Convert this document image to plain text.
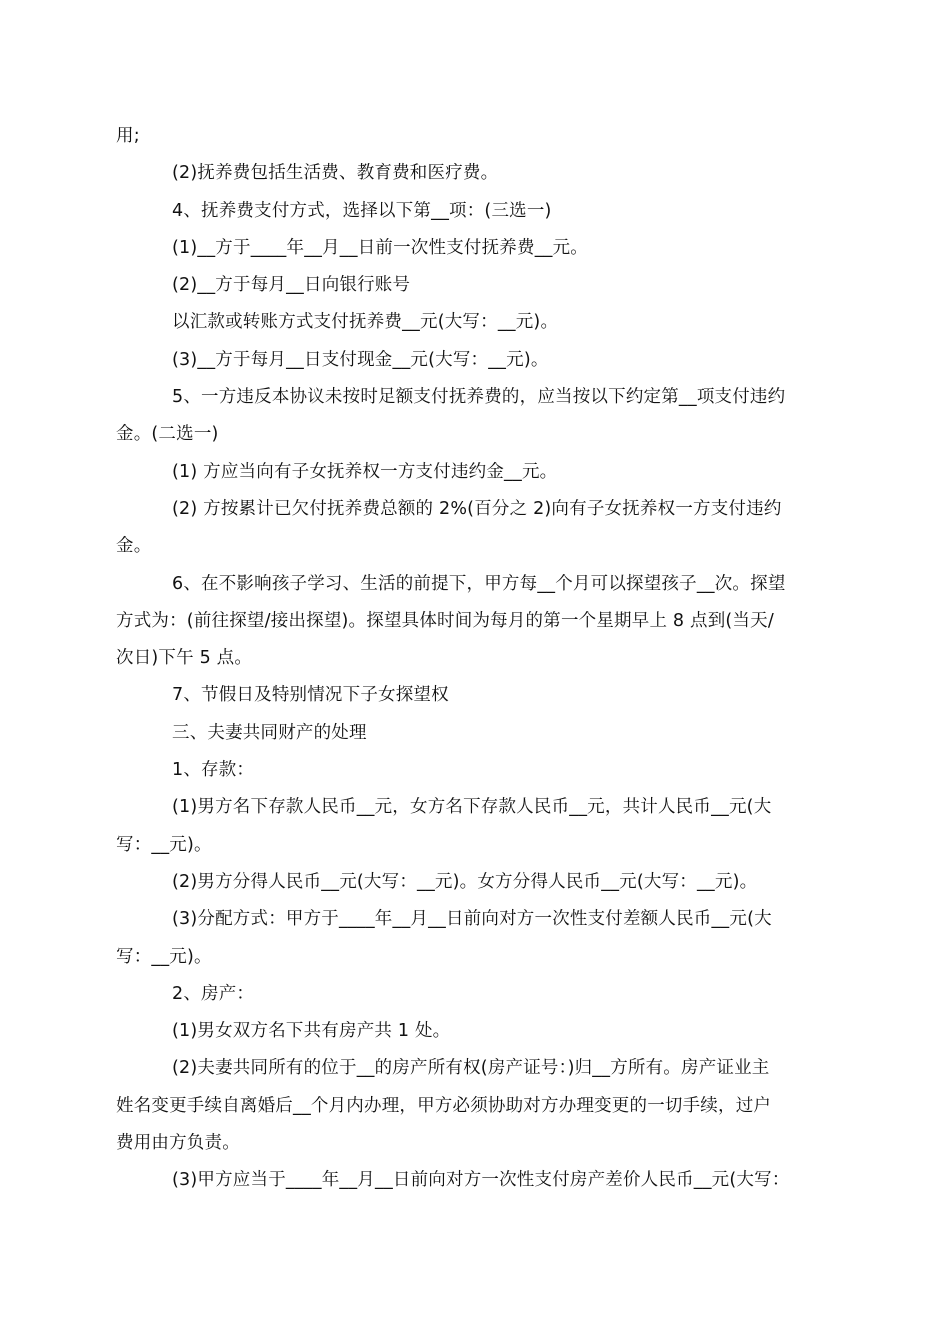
用;
(2)抚养费包括生活费、教育费和医疗费。
4、抚养费支付方式，选择以下第__项：(三选一)
(1)__方于____年__月__日前一次性支付抚养费__元。
(2)__方于每月__日向银行账号
以汇款或转账方式支付抚养费__元(大写：__元)。
(3)__方于每月__日支付现金__元(大写：__元)。
5、一方违反本协议未按时足额支付抚养费的，应当按以下约定第__项支付违约
金。(二选一)
(1) 方应当向有子女抚养权一方支付违约金__元。
(2) 方按累计已欠付抚养费总额的 2%(百分之 2)向有子女抚养权一方支付违约
金。
6、在不影响孩子学习、生活的前提下，甲方每__个月可以探望孩子__次。探望
方式为：(前往探望/接出探望)。探望具体时间为每月的第一个星期早上 8 点到(当天/
次日)下午 5 点。
7、节假日及特别情况下子女探望权
三、夫妻共同财产的处理
1、存款：
(1)男方名下存款人民币__元，女方名下存款人民币__元，共计人民币__元(大
写：__元)。
(2)男方分得人民币__元(大写：__元)。女方分得人民币__元(大写：__元)。
(3)分配方式：甲方于____年__月__日前向对方一次性支付差额人民币__元(大
写：__元)。
2、房产：
(1)男女双方名下共有房产共 1 处。
(2)夫妻共同所有的位于__的房产所有权(房产证号：)归__方所有。房产证业主
姓名变更手续自离婚后__个月内办理，甲方必须协助对方办理变更的一切手续，过户
费用由方负责。
(3)甲方应当于____年__月__日前向对方一次性支付房产差价人民币__元(大写：
